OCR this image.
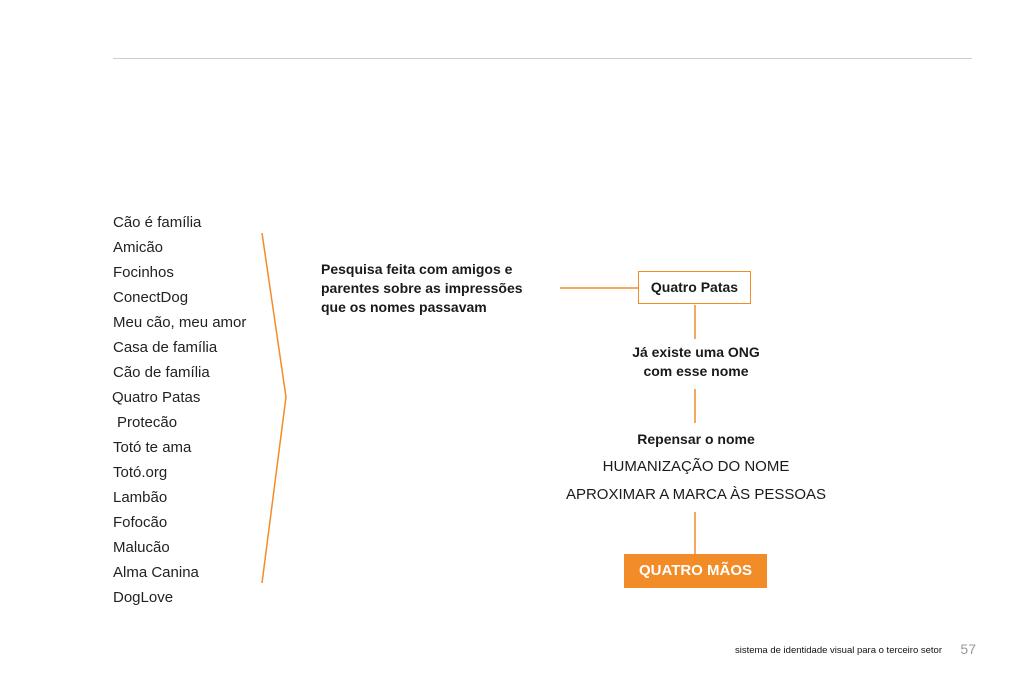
Cão é família
Amicão
Focinhos
ConectDog
Meu cão, meu amor
Casa de família
Cão de família
Quatro Patas
Protecão
Totó te ama
Totó.org
Lambão
Fofocão
Malucão
Alma Canina
DogLove
Pesquisa feita com amigos e
parentes sobre as impressões
que os nomes passavam
Quatro Patas
Já existe uma ONG
com esse nome
Repensar o nome
HUMANIZAÇÃO DO NOME
APROXIMAR A MARCA ÀS PESSOAS
QUATRO MÃOS
sistema de identidade visual para o terceiro setor	57
